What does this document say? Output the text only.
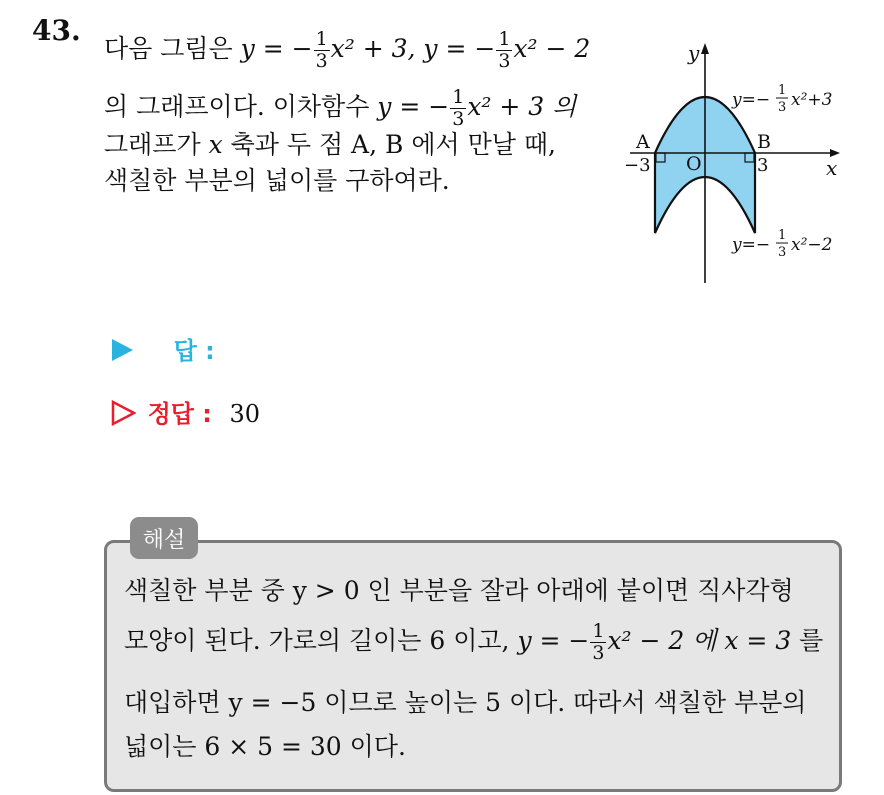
43.
다음 그림은 y = − $\frac{1}{3} x^2 + 3$, y = − $\frac{1}{3} x^2 - 2$
의 그래프이다. 이차함수 y = − $\frac{1}{3} x^2 + 3$ 의
그래프가 x 축과 두 점 A, B 에서 만날 때,
색칠한 부분의 넓이를 구하여라.
y
x
O
A	B
−3	3
y=− 1
3 x²+3
y=− 1
3 x²−2
답 :
정답 : 30
해설
색칠한 부분 중 y > 0 인 부분을 잘라 아래에 붙이면 직사각형
모양이 된다. 가로의 길이는 6 이고, y = − $\frac{1}{3} x^2 - 2$ 에 x = 3 를
대입하면 y = −5 이므로 높이는 5 이다. 따라서 색칠한 부분의
넓이는 6 × 5 = 30 이다.
